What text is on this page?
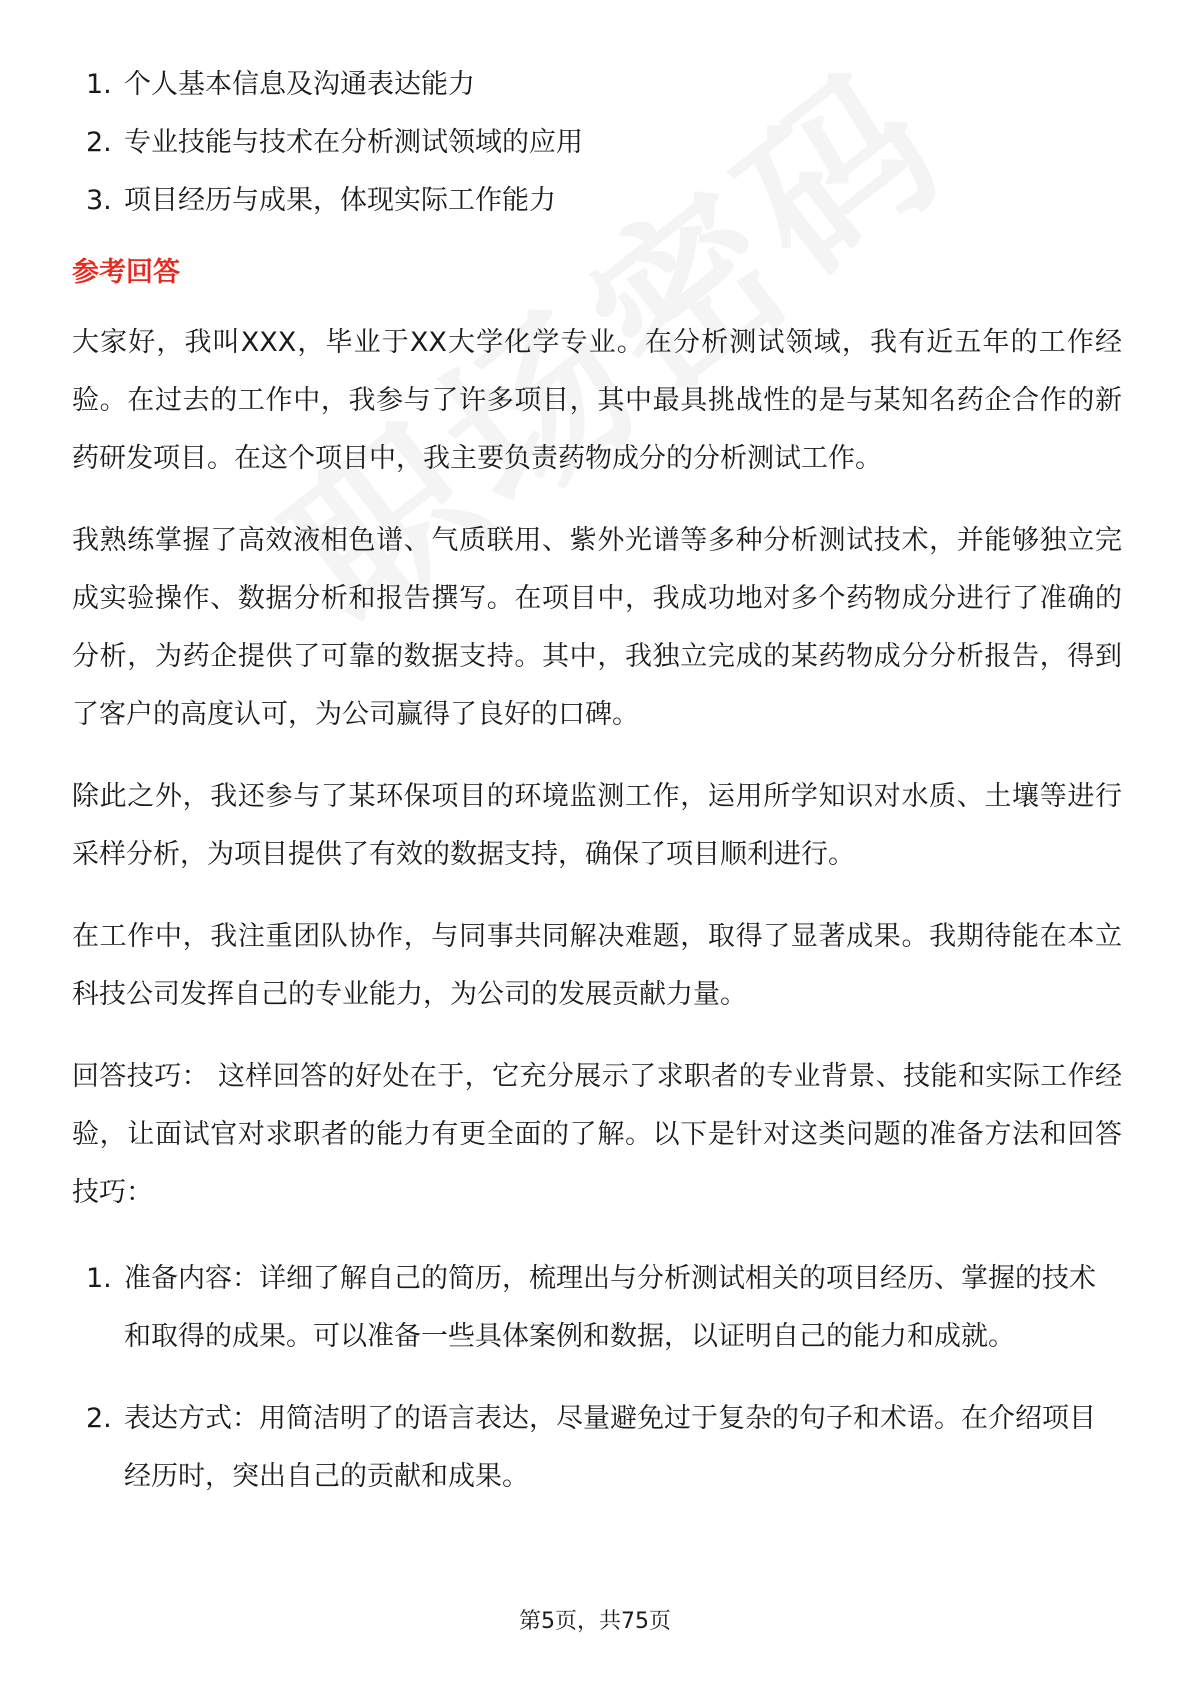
1. 个人基本信息及沟通表达能力
2. 专业技能与技术在分析测试领域的应用
3. 项目经历与成果，体现实际工作能力
参考回答

大家好，我叫XXX，毕业于XX大学化学专业。在分析测试领域，我有近五年的工作经验。在过去的工作中，我参与了许多项目，其中最具挑战性的是与某知名药企合作的新药研发项目。在这个项目中，我主要负责药物成分的分析测试工作。

我熟练掌握了高效液相色谱、气质联用、紫外光谱等多种分析测试技术，并能够独立完成实验操作、数据分析和报告撰写。在项目中，我成功地对多个药物成分进行了准确的分析，为药企提供了可靠的数据支持。其中，我独立完成的某药物成分分析报告，得到了客户的高度认可，为公司赢得了良好的口碑。

除此之外，我还参与了某环保项目的环境监测工作，运用所学知识对水质、土壤等进行采样分析，为项目提供了有效的数据支持，确保了项目顺利进行。

在工作中，我注重团队协作，与同事共同解决难题，取得了显著成果。我期待能在本立科技公司发挥自己的专业能力，为公司的发展贡献力量。

回答技巧： 这样回答的好处在于，它充分展示了求职者的专业背景、技能和实际工作经验，让面试官对求职者的能力有更全面的了解。以下是针对这类问题的准备方法和回答技巧：

1. 准备内容：详细了解自己的简历，梳理出与分析测试相关的项目经历、掌握的技术和取得的成果。可以准备一些具体案例和数据，以证明自己的能力和成就。
2. 表达方式：用简洁明了的语言表达，尽量避免过于复杂的句子和术语。在介绍项目经历时，突出自己的贡献和成果。
第5页，共75页
